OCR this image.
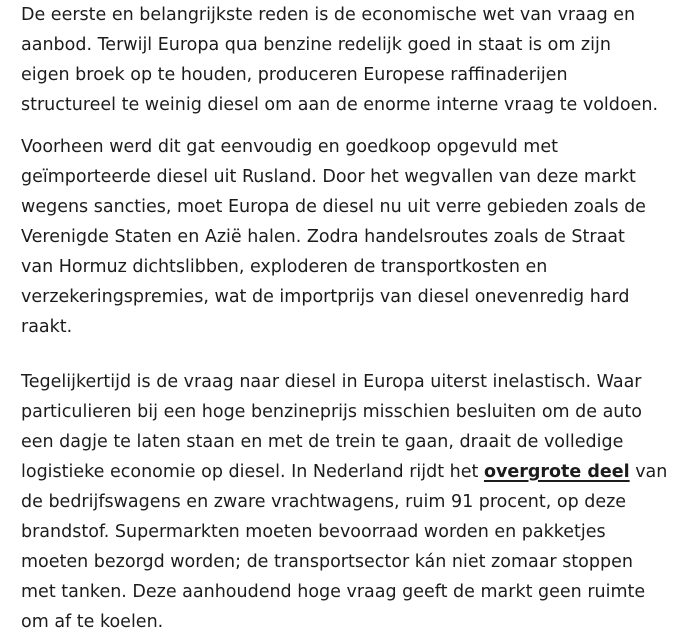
De eerste en belangrijkste reden is de economische wet van vraag en
aanbod. Terwijl Europa qua benzine redelijk goed in staat is om zijn
eigen broek op te houden, produceren Europese raffinaderijen
structureel te weinig diesel om aan de enorme interne vraag te voldoen.

Voorheen werd dit gat eenvoudig en goedkoop opgevuld met
geïmporteerde diesel uit Rusland. Door het wegvallen van deze markt
wegens sancties, moet Europa de diesel nu uit verre gebieden zoals de
Verenigde Staten en Azië halen. Zodra handelsroutes zoals de Straat
van Hormuz dichtslibben, exploderen de transportkosten en
verzekeringspremies, wat de importprijs van diesel onevenredig hard
raakt.

Tegelijkertijd is de vraag naar diesel in Europa uiterst inelastisch. Waar
particulieren bij een hoge benzineprijs misschien besluiten om de auto
een dagje te laten staan en met de trein te gaan, draait de volledige
logistieke economie op diesel. In Nederland rijdt het overgrote deel van
de bedrijfswagens en zware vrachtwagens, ruim 91 procent, op deze
brandstof. Supermarkten moeten bevoorraad worden en pakketjes
moeten bezorgd worden; de transportsector kán niet zomaar stoppen
met tanken. Deze aanhoudend hoge vraag geeft de markt geen ruimte
om af te koelen.
